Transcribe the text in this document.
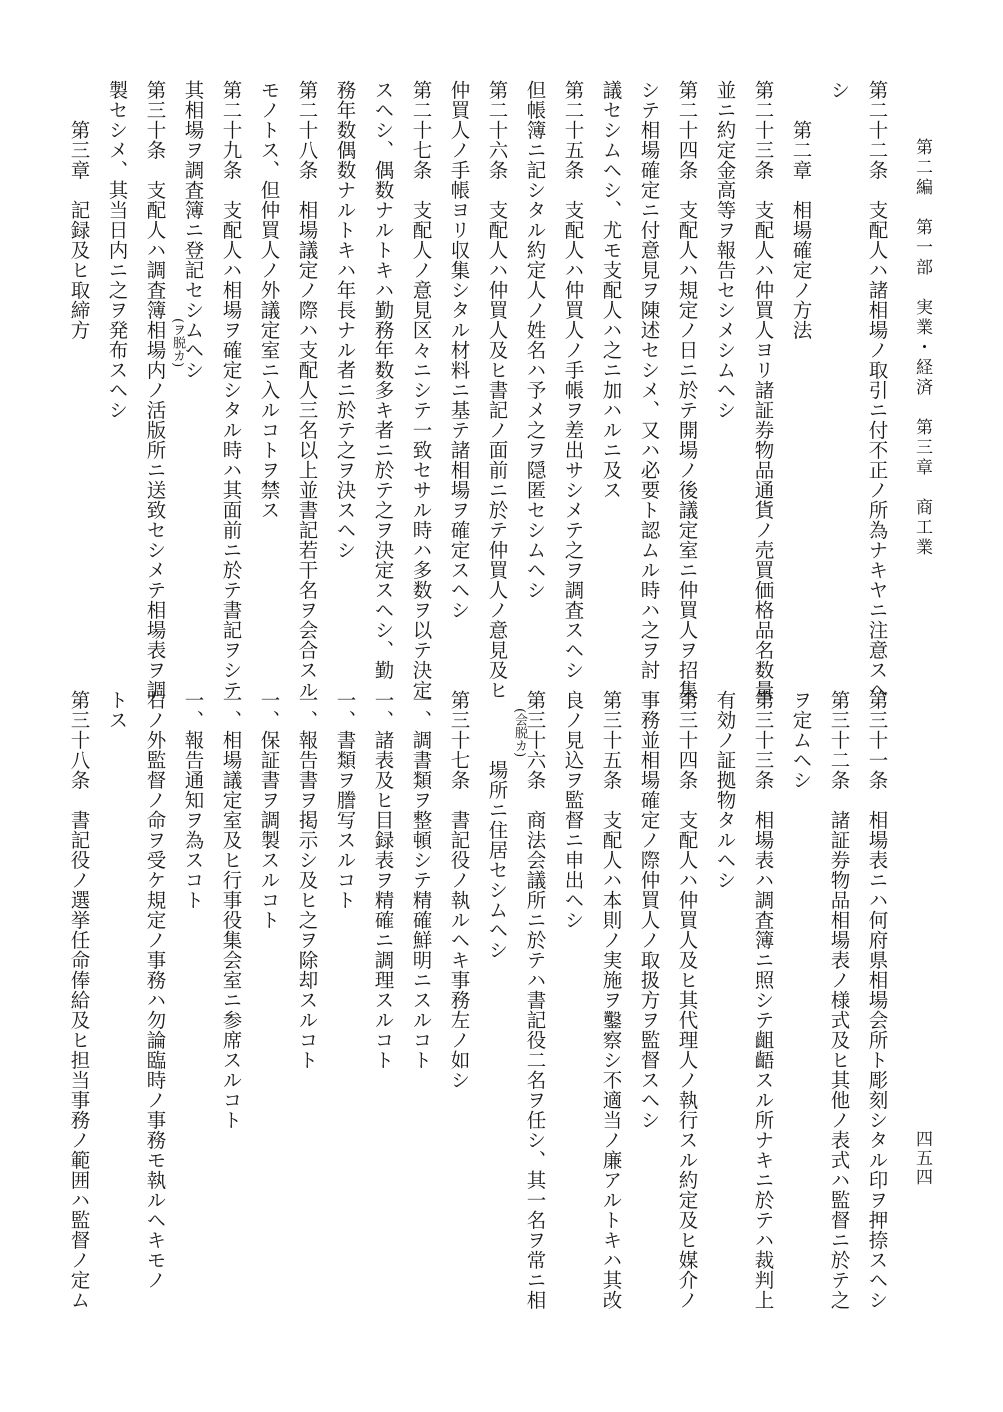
第二編　第一部　実業・経済　第三章　商工業
四五四
第二十二条　支配人ハ諸相場ノ取引ニ付不正ノ所為ナキヤニ注意スヘ
シ
　　第二章　相場確定ノ方法
第二十三条　支配人ハ仲買人ヨリ諸証券物品通貨ノ売買価格品名数量
並ニ約定金高等ヲ報告セシメシムヘシ
第二十四条　支配人ハ規定ノ日ニ於テ開場ノ後議定室ニ仲買人ヲ招集
シテ相場確定ニ付意見ヲ陳述セシメ、又ハ必要ト認ムル時ハ之ヲ討
議セシムヘシ、尤モ支配人ハ之ニ加ハルニ及ス
第二十五条　支配人ハ仲買人ノ手帳ヲ差出サシメテ之ヲ調査スヘシ
但帳簿ニ記シタル約定人ノ姓名ハ予メ之ヲ隠匿セシムヘシ
第二十六条　支配人ハ仲買人及ヒ書記ノ面前ニ於テ仲買人ノ意見及ヒ
仲買人ノ手帳ヨリ収集シタル材料ニ基テ諸相場ヲ確定スヘシ
第二十七条　支配人ノ意見区々ニシテ一致セサル時ハ多数ヲ以テ決定
スヘシ、偶数ナルトキハ勤務年数多キ者ニ於テ之ヲ決定スヘシ、勤
務年数偶数ナルトキハ年長ナル者ニ於テ之ヲ決スヘシ
第二十八条　相場議定ノ際ハ支配人三名以上並書記若干名ヲ会合スル
モノトス、但仲買人ノ外議定室ニ入ルコトヲ禁ス
第二十九条　支配人ハ相場ヲ確定シタル時ハ其面前ニ於テ書記ヲシテ
其相場ヲ調査簿ニ登記セシムヘシ
(ヲ脱カ)
第三十条　支配人ハ調査簿相場内ノ活版所ニ送致セシメテ相場表ヲ調
製セシメ、其当日内ニ之ヲ発布スヘシ
　　第三章　記録及ヒ取締方
第三十一条　相場表ニハ何府県相場会所ト彫刻シタル印ヲ押捺スヘシ
第三十二条　諸証券物品相場表ノ様式及ヒ其他ノ表式ハ監督ニ於テ之
ヲ定ムヘシ
第三十三条　相場表ハ調査簿ニ照シテ齟齬スル所ナキニ於テハ裁判上
有効ノ証拠物タルヘシ
第三十四条　支配人ハ仲買人及ヒ其代理人ノ執行スル約定及ヒ媒介ノ
事務並相場確定ノ際仲買人ノ取扱方ヲ監督スヘシ
第三十五条　支配人ハ本則ノ実施ヲ鑿察シ不適当ノ廉アルトキハ其改
良ノ見込ヲ監督ニ申出ヘシ
第三十六条　商法会議所ニ於テハ書記役二名ヲ任シ、其一名ヲ常ニ相
(会脱カ)
場所ニ住居セシムヘシ
第三十七条　書記役ノ執ルヘキ事務左ノ如シ
一、調書類ヲ整頓シテ精確鮮明ニスルコト
一、諸表及ヒ目録表ヲ精確ニ調理スルコト
一、書類ヲ謄写スルコト
一、報告書ヲ掲示シ及ヒ之ヲ除却スルコト
一、保証書ヲ調製スルコト
一、相場議定室及ヒ行事役集会室ニ参席スルコト
一、報告通知ヲ為スコト
右ノ外監督ノ命ヲ受ケ規定ノ事務ハ勿論臨時ノ事務モ執ルヘキモノ
トス
第三十八条　書記役ノ選挙任命俸給及ヒ担当事務ノ範囲ハ監督ノ定ム
